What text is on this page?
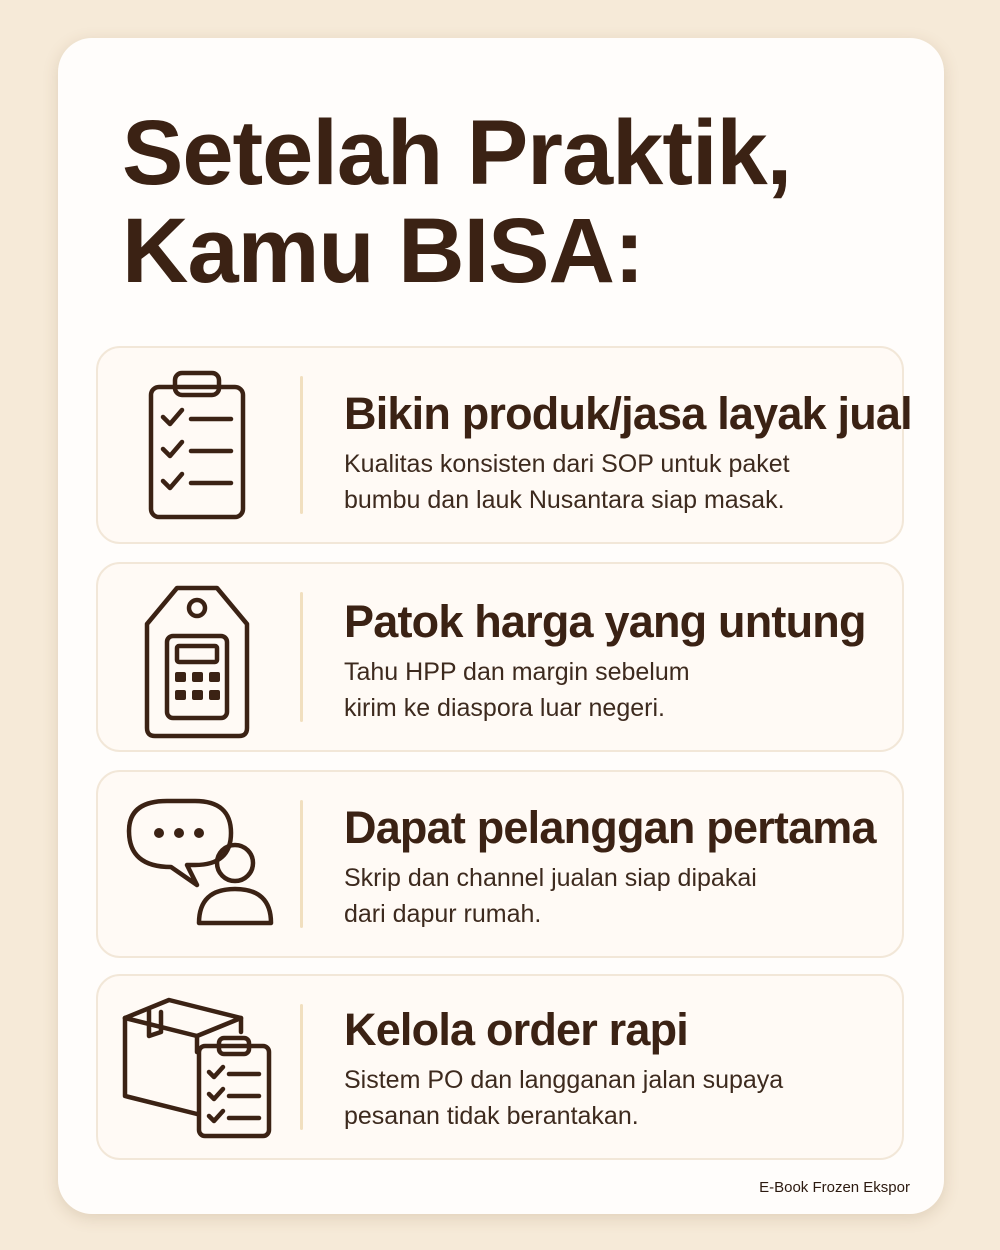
Setelah Praktik,
Kamu BISA:
Bikin produk/jasa layak jual
Kualitas konsisten dari SOP untuk paket
bumbu dan lauk Nusantara siap masak.
Patok harga yang untung
Tahu HPP dan margin sebelum
kirim ke diaspora luar negeri.
Dapat pelanggan pertama
Skrip dan channel jualan siap dipakai
dari dapur rumah.
Kelola order rapi
Sistem PO dan langganan jalan supaya
pesanan tidak berantakan.
E-Book Frozen Ekspor
